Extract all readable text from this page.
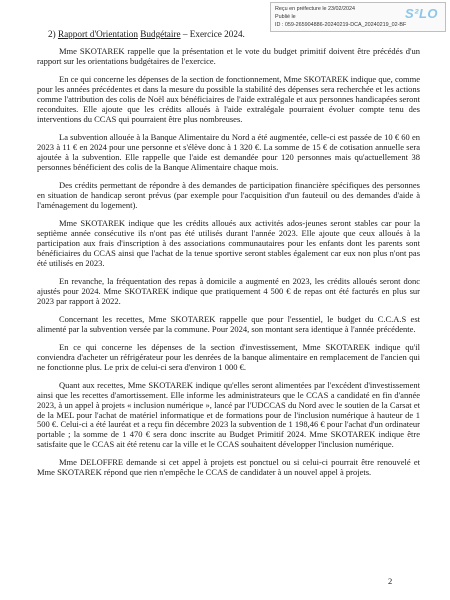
Reçu en préfecture le 23/02/2024
Publié le
ID : 059-265904886-20240219-DCA_20240219_02-BF
S²LO
2) Rapport d'Orientation Budgétaire – Exercice 2024.

Mme SKOTAREK rappelle que la présentation et le vote du budget primitif doivent être précédés d'un rapport sur les orientations budgétaires de l'exercice.

En ce qui concerne les dépenses de la section de fonctionnement, Mme SKOTAREK indique que, comme pour les années précédentes et dans la mesure du possible la stabilité des dépenses sera recherchée et les actions comme l'attribution des colis de Noël aux bénéficiaires de l'aide extralégale et aux personnes handicapées seront reconduites. Elle ajoute que les crédits alloués à l'aide extralégale pourraient évoluer compte tenu des interventions du CCAS qui pourraient être plus nombreuses.

La subvention allouée à la Banque Alimentaire du Nord a été augmentée, celle-ci est passée de 10 € 60 en 2023 à 11 € en 2024 pour une personne et s'élève donc à 1 320 €. La somme de 15 € de cotisation annuelle sera ajoutée à la subvention. Elle rappelle que l'aide est demandée pour 120 personnes mais qu'actuellement 38 personnes bénéficient des colis de la Banque Alimentaire chaque mois.

Des crédits permettant de répondre à des demandes de participation financière spécifiques des personnes en situation de handicap seront prévus (par exemple pour l'acquisition d'un fauteuil ou des demandes d'aide à l'aménagement du logement).

Mme SKOTAREK indique que les crédits alloués aux activités ados-jeunes seront stables car pour la septième année consécutive ils n'ont pas été utilisés durant l'année 2023. Elle ajoute que ceux alloués à la participation aux frais d'inscription à des associations communautaires pour les enfants dont les parents sont bénéficiaires du CCAS ainsi que l'achat de la tenue sportive seront stables également car eux non plus n'ont pas été utilisés en 2023.

En revanche, la fréquentation des repas à domicile a augmenté en 2023, les crédits alloués seront donc ajustés pour 2024. Mme SKOTAREK indique que pratiquement 4 500 € de repas ont été facturés en plus sur 2023 par rapport à 2022.

Concernant les recettes, Mme SKOTAREK rappelle que pour l'essentiel, le budget du C.C.A.S est alimenté par la subvention versée par la commune. Pour 2024, son montant sera identique à l'année précédente.

En ce qui concerne les dépenses de la section d'investissement, Mme SKOTAREK indique qu'il conviendra d'acheter un réfrigérateur pour les denrées de la banque alimentaire en remplacement de l'ancien qui ne fonctionne plus. Le prix de celui-ci sera d'environ 1 000 €.

Quant aux recettes, Mme SKOTAREK indique qu'elles seront alimentées par l'excédent d'investissement ainsi que les recettes d'amortissement. Elle informe les administrateurs que le CCAS a candidaté en fin d'année 2023, à un appel à projets « inclusion numérique », lancé par l'UDCCAS du Nord avec le soutien de la Carsat et de la MEL pour l'achat de matériel informatique et de formations pour de l'inclusion numérique à hauteur de 1 500 €. Celui-ci a été lauréat et a reçu fin décembre 2023 la subvention de 1 198,46 € pour l'achat d'un ordinateur portable ; la somme de 1 470 € sera donc inscrite au Budget Primitif 2024. Mme SKOTAREK indique être satisfaite que le CCAS ait été retenu car la ville et le CCAS souhaitent développer l'inclusion numérique.

Mme DELOFFRE demande si cet appel à projets est ponctuel ou si celui-ci pourrait être renouvelé et Mme SKOTAREK répond que rien n'empêche le CCAS de candidater à un nouvel appel à projets.

2
